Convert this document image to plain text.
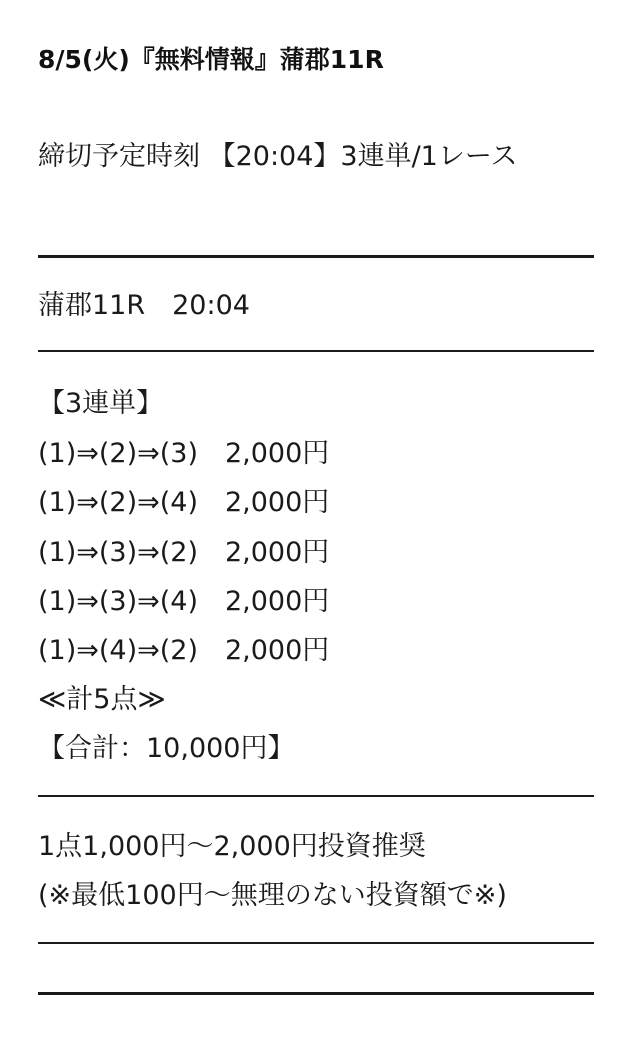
8/5(火)『無料情報』蒲郡11R
締切予定時刻 【20:04】3連単/1レース
蒲郡11R　20:04
【3連単】
(1)⇒(2)⇒(3)　2,000円
(1)⇒(2)⇒(4)　2,000円
(1)⇒(3)⇒(2)　2,000円
(1)⇒(3)⇒(4)　2,000円
(1)⇒(4)⇒(2)　2,000円
≪計5点≫
【合計：10,000円】
1点1,000円～2,000円投資推奨
(※最低100円～無理のない投資額で※)
